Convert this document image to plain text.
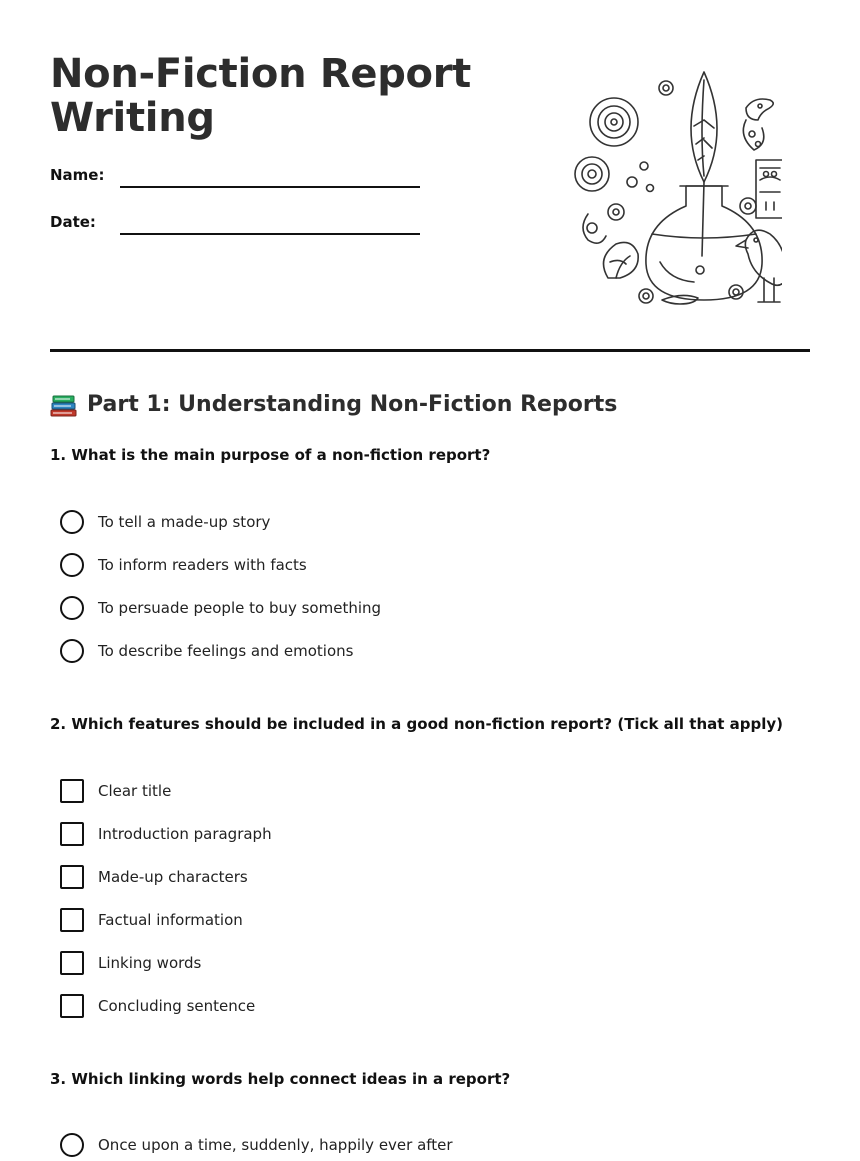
Non-Fiction Report
Writing
Name:
Date:
Part 1: Understanding Non-Fiction Reports
1. What is the main purpose of a non-fiction report?
To tell a made-up story
To inform readers with facts
To persuade people to buy something
To describe feelings and emotions
2. Which features should be included in a good non-fiction report? (Tick all that apply)
Clear title
Introduction paragraph
Made-up characters
Factual information
Linking words
Concluding sentence
3. Which linking words help connect ideas in a report?
Once upon a time, suddenly, happily ever after
